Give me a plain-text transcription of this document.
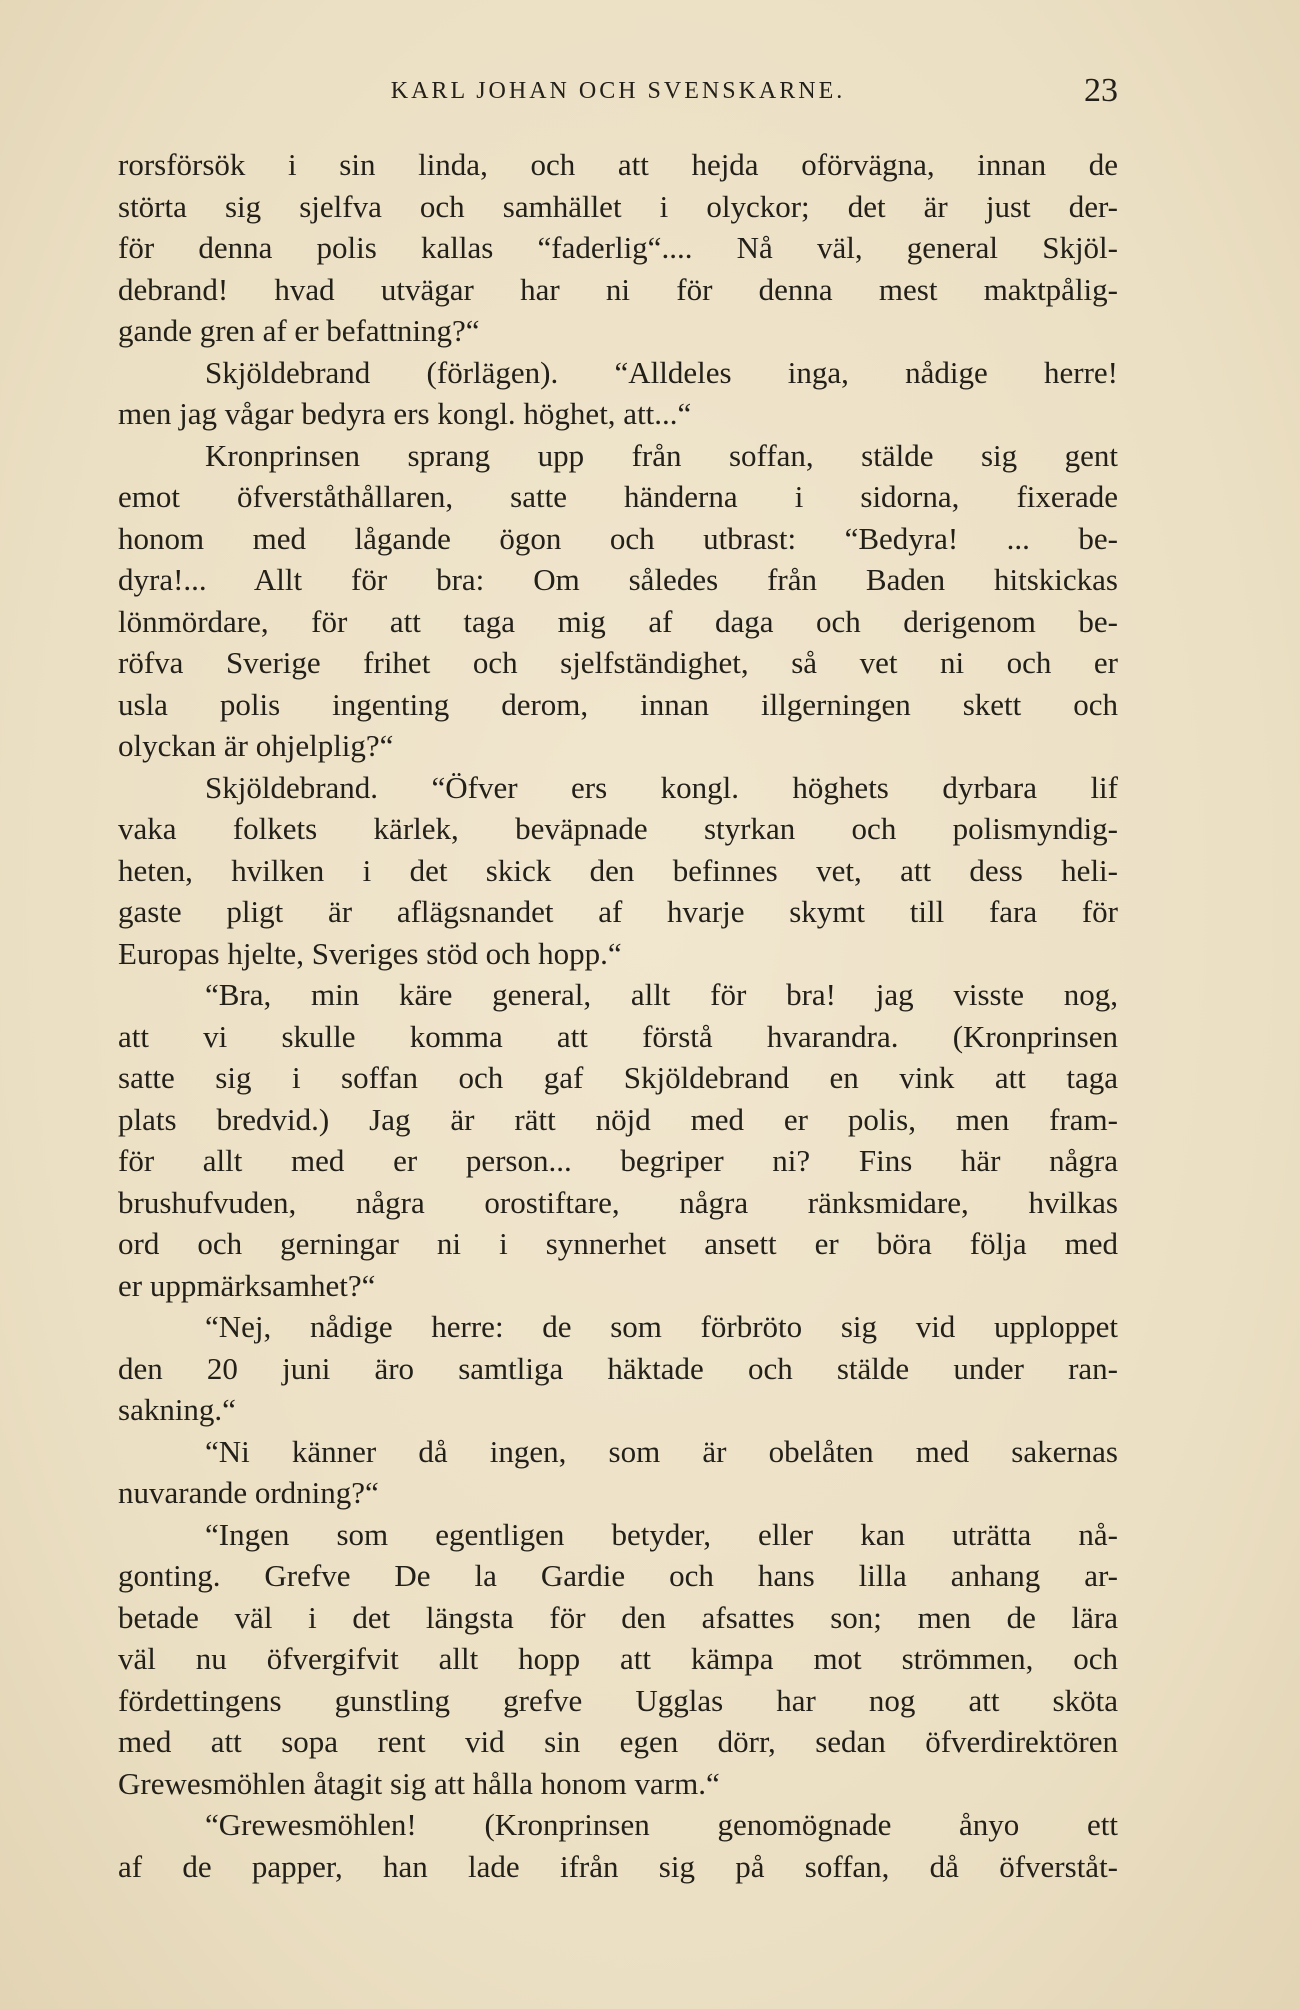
KARL JOHAN OCH SVENSKARNE.	23
rorsförsök i sin linda, och att hejda oförvägna, innan de
störta sig sjelfva och samhället i olyckor; det är just der-
för denna polis kallas “faderlig“.... Nå väl, general Skjöl-
debrand! hvad utvägar har ni för denna mest maktpålig-
gande gren af er befattning?“
Skjöldebrand (förlägen). “Alldeles inga, nådige herre!
men jag vågar bedyra ers kongl. höghet, att...“
Kronprinsen sprang upp från soffan, stälde sig gent
emot öfverståthållaren, satte händerna i sidorna, fixerade
honom med lågande ögon och utbrast: “Bedyra! ... be-
dyra!... Allt för bra: Om således från Baden hitskickas
lönmördare, för att taga mig af daga och derigenom be-
röfva Sverige frihet och sjelfständighet, så vet ni och er
usla polis ingenting derom, innan illgerningen skett och
olyckan är ohjelplig?“
Skjöldebrand. “Öfver ers kongl. höghets dyrbara lif
vaka folkets kärlek, beväpnade styrkan och polismyndig-
heten, hvilken i det skick den befinnes vet, att dess heli-
gaste pligt är aflägsnandet af hvarje skymt till fara för
Europas hjelte, Sveriges stöd och hopp.“
“Bra, min käre general, allt för bra! jag visste nog,
att vi skulle komma att förstå hvarandra. (Kronprinsen
satte sig i soffan och gaf Skjöldebrand en vink att taga
plats bredvid.) Jag är rätt nöjd med er polis, men fram-
för allt med er person... begriper ni? Fins här några
brushufvuden, några orostiftare, några ränksmidare, hvilkas
ord och gerningar ni i synnerhet ansett er böra följa med
er uppmärksamhet?“
“Nej, nådige herre: de som förbröto sig vid upploppet
den 20 juni äro samtliga häktade och stälde under ran-
sakning.“
“Ni känner då ingen, som är obelåten med sakernas
nuvarande ordning?“
“Ingen som egentligen betyder, eller kan uträtta nå-
gonting. Grefve De la Gardie och hans lilla anhang ar-
betade väl i det längsta för den afsattes son; men de lära
väl nu öfvergifvit allt hopp att kämpa mot strömmen, och
fördettingens gunstling grefve Ugglas har nog att sköta
med att sopa rent vid sin egen dörr, sedan öfverdirektören
Grewesmöhlen åtagit sig att hålla honom varm.“
“Grewesmöhlen! (Kronprinsen genomögnade ånyo ett
af de papper, han lade ifrån sig på soffan, då öfverståt-
